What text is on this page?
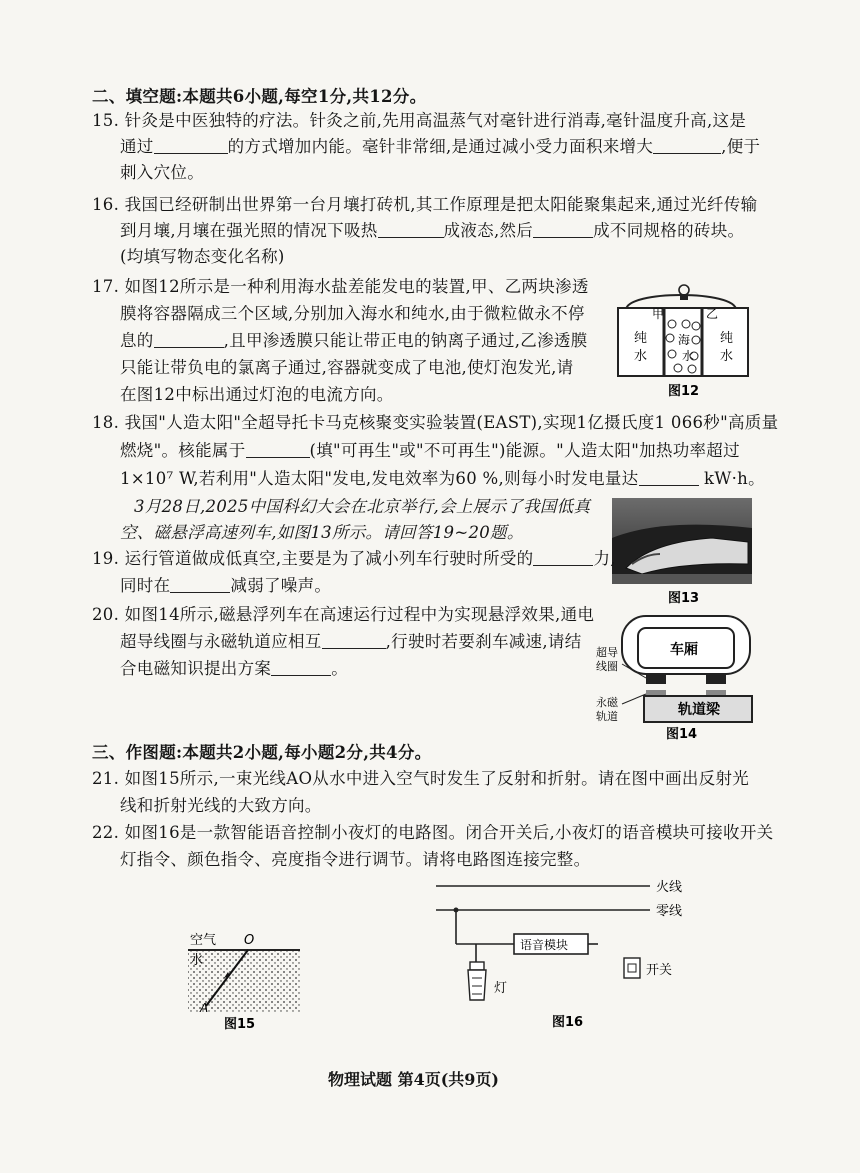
二、填空题:本题共6小题,每空1分,共12分。
15. 针灸是中医独特的疗法。针灸之前,先用高温蒸气对毫针进行消毒,毫针温度升高,这是
通过	的方式增加内能。毫针非常细,是通过减小受力面积来增大	,便于
刺入穴位。
16. 我国已经研制出世界第一台月壤打砖机,其工作原理是把太阳能聚集起来,通过光纤传输
到月壤,月壤在强光照的情况下吸热	成液态,然后	成不同规格的砖块。
(均填写物态变化名称)
17. 如图12所示是一种利用海水盐差能发电的装置,甲、乙两块渗透
膜将容器隔成三个区域,分别加入海水和纯水,由于微粒做永不停
息的	,且甲渗透膜只能让带正电的钠离子通过,乙渗透膜
只能让带负电的氯离子通过,容器就变成了电池,使灯泡发光,请
在图12中标出通过灯泡的电流方向。
甲	乙
纯
水
纯
水
海
水
图12
18. 我国"人造太阳"全超导托卡马克核聚变实验装置(EAST),实现1亿摄氏度1 066秒"高质量
燃烧"。核能属于	(填"可再生"或"不可再生")能源。"人造太阳"加热功率超过
1×10⁷ W,若利用"人造太阳"发电,发电效率为60 %,则每小时发电量达	kW·h。
3月28日,2025中国科幻大会在北京举行,会上展示了我国低真
空、磁悬浮高速列车,如图13所示。请回答19~20题。
图13
19. 运行管道做成低真空,主要是为了减小列车行驶时所受的	力,
同时在	减弱了噪声。
20. 如图14所示,磁悬浮列车在高速运行过程中为实现悬浮效果,通电
超导线圈与永磁轨道应相互	,行驶时若要刹车减速,请结
合电磁知识提出方案	。
车厢
轨道梁
超导
线圈
永磁
轨道
图14
三、作图题:本题共2小题,每小题2分,共4分。
21. 如图15所示,一束光线AO从水中进入空气时发生了反射和折射。请在图中画出反射光
线和折射光线的大致方向。
22. 如图16是一款智能语音控制小夜灯的电路图。闭合开关后,小夜灯的语音模块可接收开关
灯指令、颜色指令、亮度指令进行调节。请将电路图连接完整。
空气
水
O
A
图15
火线
零线
语音模块
灯
开关
图16
物理试题 第4页(共9页)
